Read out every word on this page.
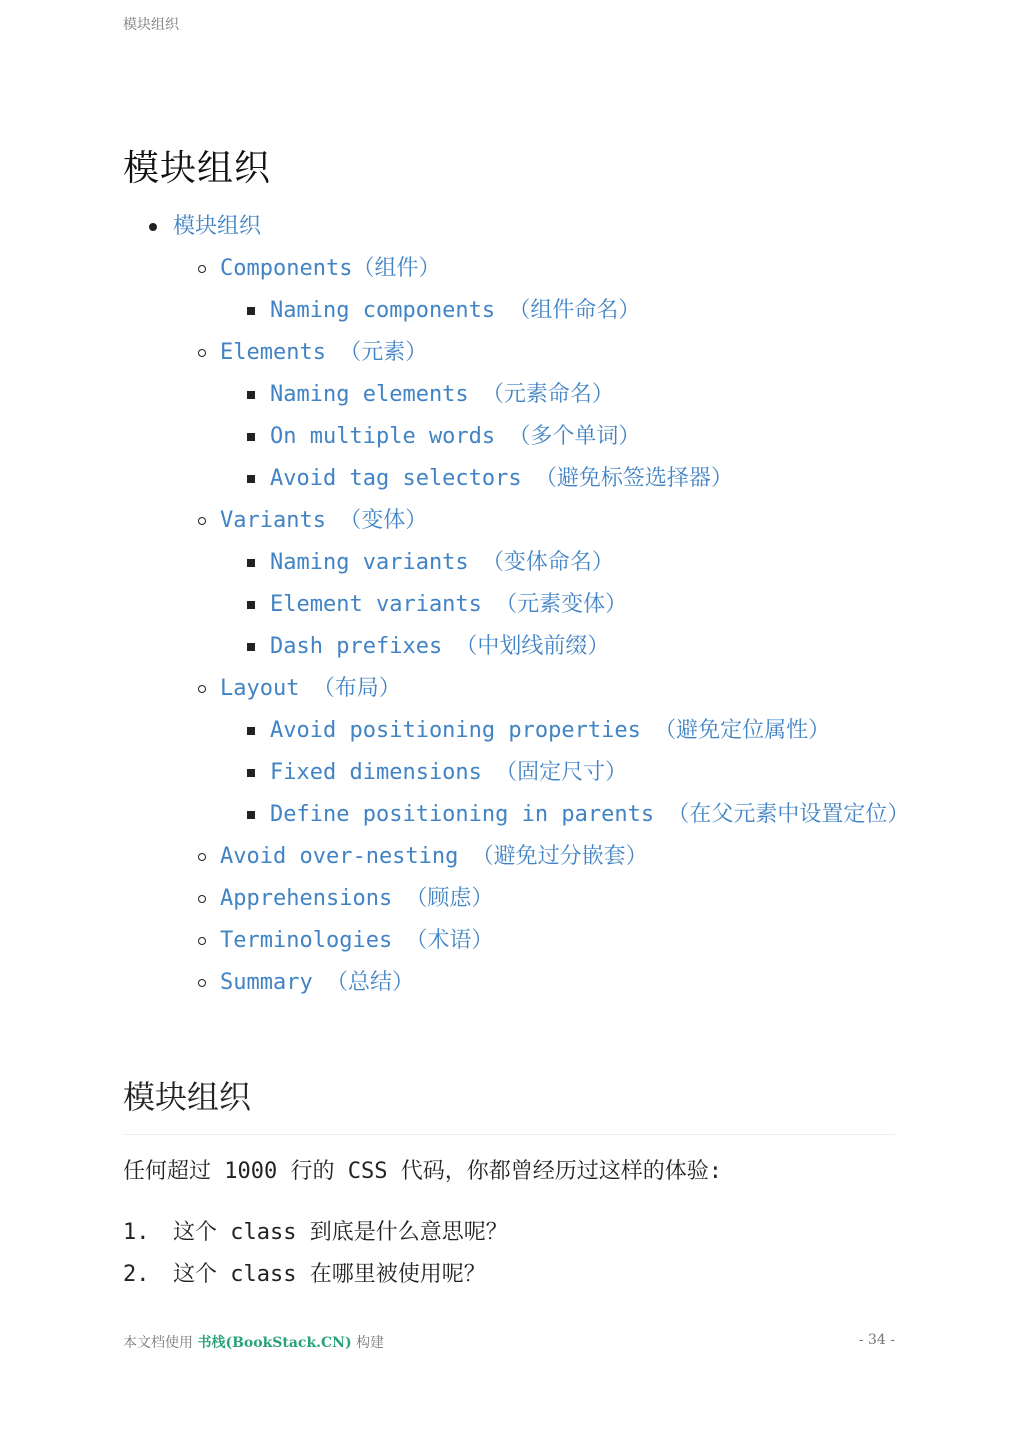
模块组织
模块组织
模块组织
Components（组件）
Naming components （组件命名）
Elements （元素）
Naming elements （元素命名）
On multiple words （多个单词）
Avoid tag selectors （避免标签选择器）
Variants （变体）
Naming variants （变体命名）
Element variants （元素变体）
Dash prefixes （中划线前缀）
Layout （布局）
Avoid positioning properties （避免定位属性）
Fixed dimensions （固定尺寸）
Define positioning in parents （在父元素中设置定位）
Avoid over-nesting （避免过分嵌套）
Apprehensions （顾虑）
Terminologies （术语）
Summary （总结）
模块组织

任何超过 1000 行的 CSS 代码，你都曾经历过这样的体验:

1.	这个 class 到底是什么意思呢？
2.	这个 class 在哪里被使用呢？
本文档使用 书栈(BookStack.CN) 构建	- 34 -
